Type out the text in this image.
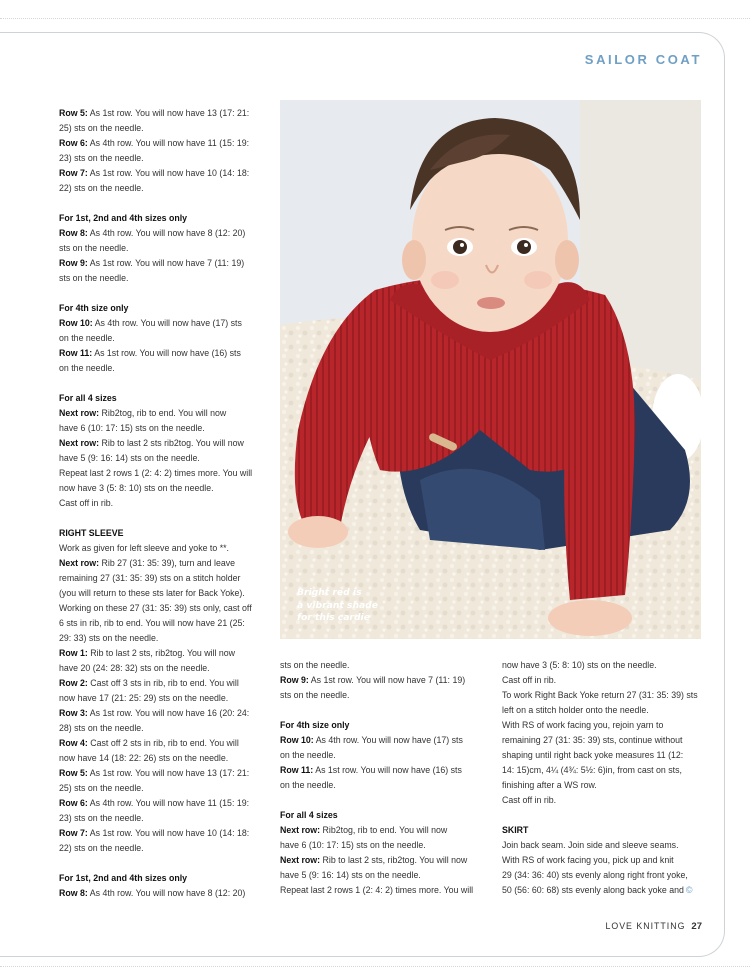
SAILOR COAT

Row 5: As 1st row. You will now have 13 (17: 21:

25) sts on the needle.

Row 6: As 4th row. You will now have 11 (15: 19:

23) sts on the needle.

Row 7: As 1st row. You will now have 10 (14: 18:

22) sts on the needle.

For 1st, 2nd and 4th sizes only

Row 8: As 4th row. You will now have 8 (12: 20)

sts on the needle.

Row 9: As 1st row. You will now have 7 (11: 19)

sts on the needle.

For 4th size only

Row 10: As 4th row. You will now have (17) sts

on the needle.

Row 11: As 1st row. You will now have (16) sts

on the needle.

For all 4 sizes

Next row: Rib2tog, rib to end. You will now

have 6 (10: 17: 15) sts on the needle.

Next row: Rib to last 2 sts rib2tog. You will now

have 5 (9: 16: 14) sts on the needle.

Repeat last 2 rows 1 (2: 4: 2) times more. You will

now have 3 (5: 8: 10) sts on the needle.

Cast off in rib.

RIGHT SLEEVE

Work as given for left sleeve and yoke to **.

Next row: Rib 27 (31: 35: 39), turn and leave

remaining 27 (31: 35: 39) sts on a stitch holder

(you will return to these sts later for Back Yoke).

Working on these 27 (31: 35: 39) sts only, cast off

6 sts in rib, rib to end. You will now have 21 (25:

29: 33) sts on the needle.

Row 1: Rib to last 2 sts, rib2tog. You will now

have 20 (24: 28: 32) sts on the needle.

Row 2: Cast off 3 sts in rib, rib to end. You will

now have 17 (21: 25: 29) sts on the needle.

Row 3: As 1st row. You will now have 16 (20: 24:

28) sts on the needle.

Row 4: Cast off 2 sts in rib, rib to end. You will

now have 14 (18: 22: 26) sts on the needle.

Row 5: As 1st row. You will now have 13 (17: 21:

25) sts on the needle.

Row 6: As 4th row. You will now have 11 (15: 19:

23) sts on the needle.

Row 7: As 1st row. You will now have 10 (14: 18:

22) sts on the needle.

For 1st, 2nd and 4th sizes only

Row 8: As 4th row. You will now have 8 (12: 20)

Bright red is
a vibrant shade
for this cardie

sts on the needle.

Row 9: As 1st row. You will now have 7 (11: 19)

sts on the needle.

For 4th size only

Row 10: As 4th row. You will now have (17) sts

on the needle.

Row 11: As 1st row. You will now have (16) sts

on the needle.

For all 4 sizes

Next row: Rib2tog, rib to end. You will now

have 6 (10: 17: 15) sts on the needle.

Next row: Rib to last 2 sts, rib2tog. You will now

have 5 (9: 16: 14) sts on the needle.

Repeat last 2 rows 1 (2: 4: 2) times more. You will

now have 3 (5: 8: 10) sts on the needle.

Cast off in rib.

To work Right Back Yoke return 27 (31: 35: 39) sts

left on a stitch holder onto the needle.

With RS of work facing you, rejoin yarn to

remaining 27 (31: 35: 39) sts, continue without

shaping until right back yoke measures 11 (12:

14: 15)cm, 4¼ (4¾: 5½: 6)in, from cast on sts,

finishing after a WS row.

Cast off in rib.

SKIRT

Join back seam. Join side and sleeve seams.

With RS of work facing you, pick up and knit

29 (34: 36: 40) sts evenly along right front yoke,

50 (56: 60: 68) sts evenly along back yoke and ©

LOVE KNITTING 27
